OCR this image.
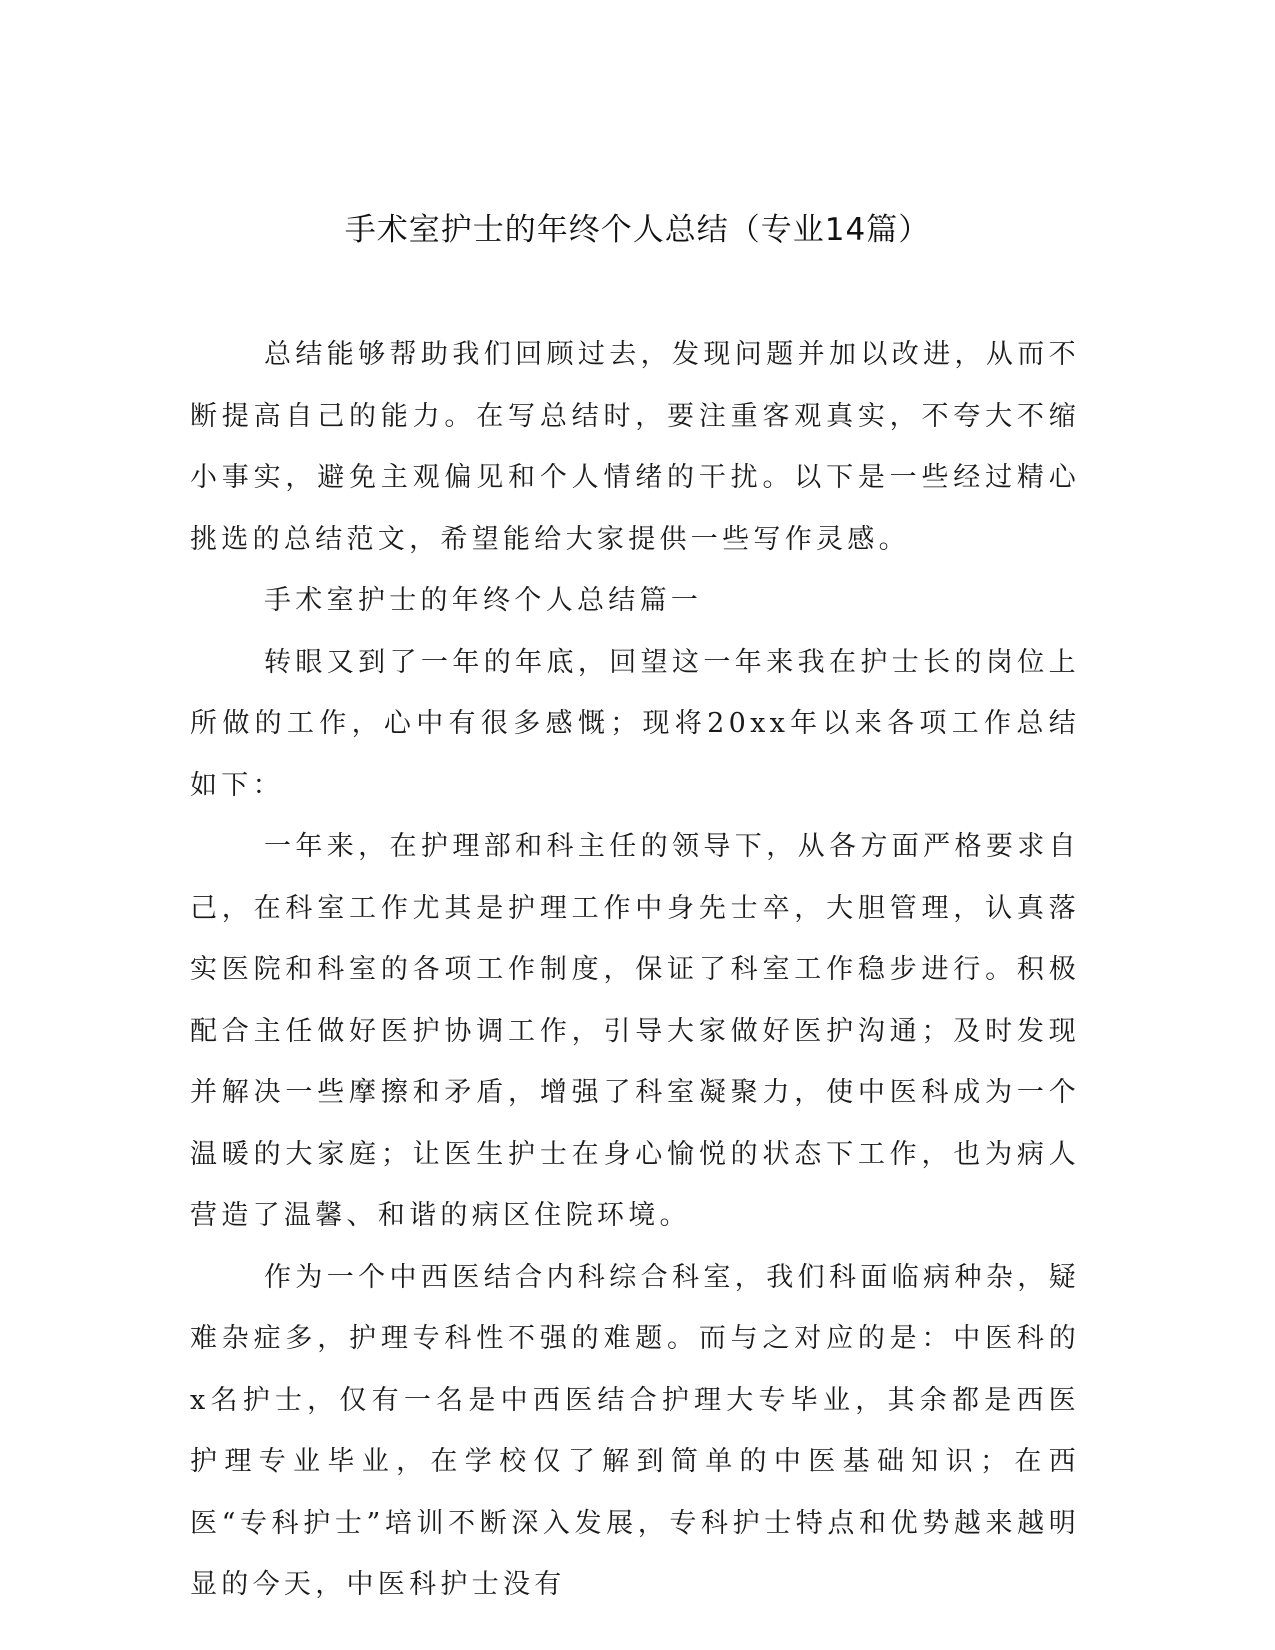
手术室护士的年终个人总结（专业14篇）

总结能够帮助我们回顾过去，发现问题并加以改进，从而不断提高自己的能力。在写总结时，要注重客观真实，不夸大不缩小事实，避免主观偏见和个人情绪的干扰。以下是一些经过精心挑选的总结范文，希望能给大家提供一些写作灵感。

手术室护士的年终个人总结篇一

转眼又到了一年的年底，回望这一年来我在护士长的岗位上所做的工作，心中有很多感慨；现将20xx年以来各项工作总结如下：

一年来，在护理部和科主任的领导下，从各方面严格要求自己，在科室工作尤其是护理工作中身先士卒，大胆管理，认真落实医院和科室的各项工作制度，保证了科室工作稳步进行。积极配合主任做好医护协调工作，引导大家做好医护沟通；及时发现并解决一些摩擦和矛盾，增强了科室凝聚力，使中医科成为一个温暖的大家庭；让医生护士在身心愉悦的状态下工作，也为病人营造了温馨、和谐的病区住院环境。

作为一个中西医结合内科综合科室，我们科面临病种杂，疑难杂症多，护理专科性不强的难题。而与之对应的是：中医科的x名护士，仅有一名是中西医结合护理大专毕业，其余都是西医护理专业毕业，在学校仅了解到简单的中医基础知识；在西医“专科护士”培训不断深入发展，专科护士特点和优势越来越明显的今天，中医科护士没有
